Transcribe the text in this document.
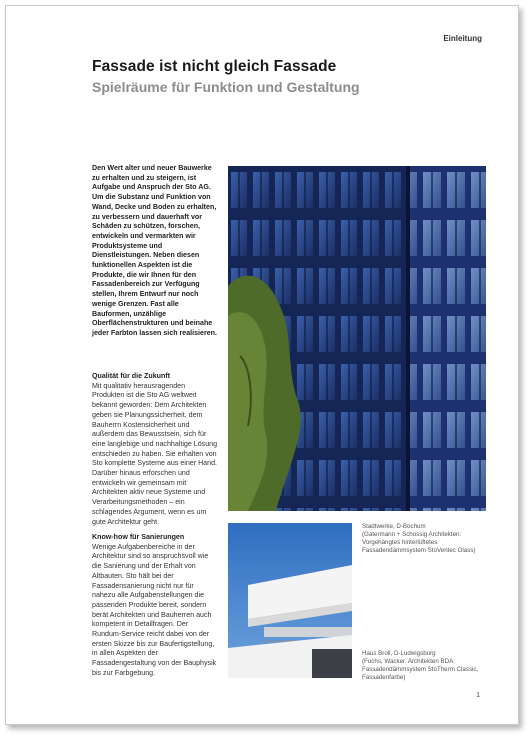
Einleitung
Fassade ist nicht gleich Fassade
Spielräume für Funktion und Gestaltung

Den Wert alter und neuer Bauwerke zu erhalten und zu steigern, ist Aufgabe und Anspruch der Sto AG. Um die Substanz und Funktion von Wand, Decke und Boden zu erhalten, zu verbessern und dauerhaft vor Schäden zu schützen, forschen, entwickeln und vermarkten wir Produktsysteme und Dienstleistungen. Neben diesen funktionellen Aspekten ist die Produkte, die wir Ihnen für den Fassadenbereich zur Verfügung stellen, Ihrem Entwurf nur noch wenige Grenzen. Fast alle Bauformen, unzählige Oberflächenstrukturen und beinahe jeder Farbton lassen sich realisieren.

Qualität für die Zukunft

Mit qualitativ herausragenden Produkten ist die Sto AG weltweit bekannt geworden: Dem Architekten geben sie Planungssicherheit, dem Bauherrn Kostensicherheit und außerdem das Bewusstsein, sich für eine langlebige und nachhaltige Lösung entschieden zu haben. Sie erhalten von Sto komplette Systeme aus einer Hand. Darüber hinaus erforschen und entwickeln wir gemeinsam mit Architekten aktiv neue Systeme und Verarbeitungsmethoden – ein schlagendes Argument, wenn es um gute Architektur geht.

Know-how für Sanierungen

Wenige Aufgabenbereiche in der Architektur sind so anspruchsvoll wie die Sanierung und der Erhalt von Altbauten. Sto hält bei der Fassadensanierung nicht nur für nahezu alle Aufgabenstellungen die passenden Produkte bereit, sondern berät Architekten und Bauherren auch kompetent in Detailfragen. Der Rundum-Service reicht dabei von der ersten Skizze bis zur Baufertigstellung, in allen Aspekten der Fassadengestaltung von der Bauphysik bis zur Farbgebung.

Stadtwerke, D-Bochum
(Gatermann + Schossig Architekten:
Vorgehängtes hinterlüftetes Fassadendämmsystem StoVentec Glass)
Haus Broll, D-Ludwigsburg
(Fuchs, Wacker. Architekten BDA:
Fassadendämmsystem StoTherm Classic, Fassadenfarbe)
1
